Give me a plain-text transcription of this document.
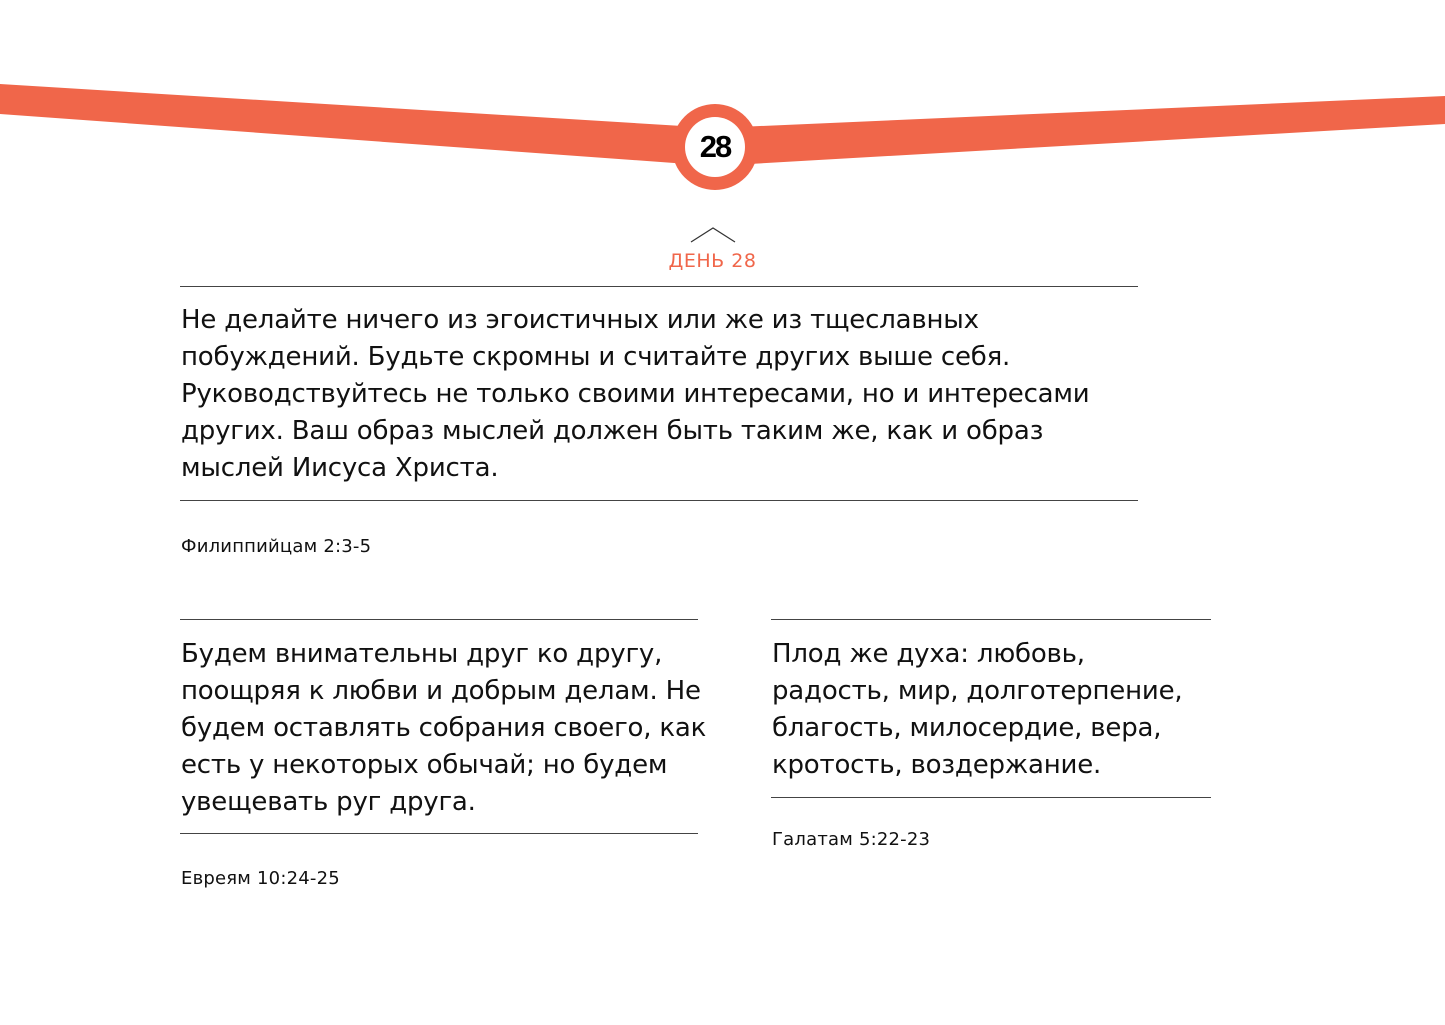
28
ДЕНЬ 28

Не делайте ничего из эгоистичных или же из тщеславных побуждений. Будьте скромны и считайте других выше себя. Руководствуйтесь не только своими интересами, но и интересами других. Ваш образ мыслей должен быть таким же, как и образ мыслей Иисуса Христа.

Филиппийцам 2:3-5

Будем внимательны друг ко другу, поощряя к любви и добрым делам. Не будем оставлять собрания своего, как есть у некоторых обычай; но будем увещевать руг друга.

Евреям 10:24-25

Плод же духа: любовь, радость, мир, долготерпение, благость, милосердие, вера, кротость, воздержание.

Галатам 5:22-23
